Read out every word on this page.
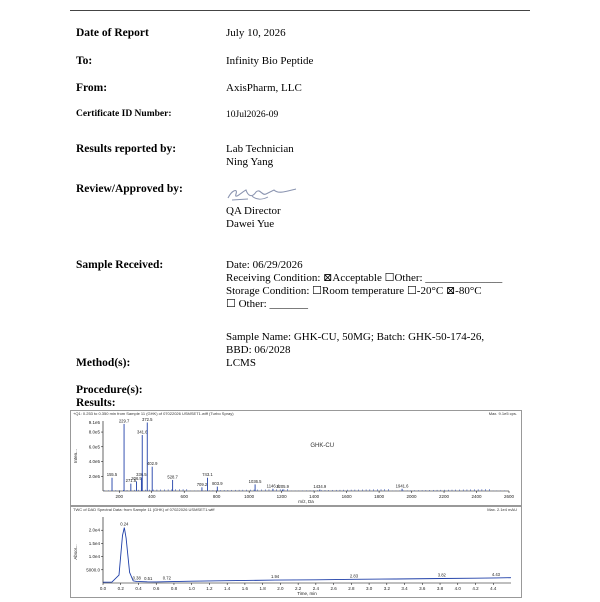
Date of Report	July 10, 2026
To:	Infinity Bio Peptide
From:	AxisPharm, LLC
Certificate ID Number:	10Jul2026-09
Results reported by:	Lab Technician
Ning Yang
Review/Approved by:
QA Director
Dawei Yue
Sample Received:	Date: 06/29/2026
Receiving Condition: ⊠Acceptable ☐Other: ______________
Storage Condition: ☐Room temperature ☐-20°C ⊠-80°C
☐ Other: _______
Sample Name: GHK-CU, 50MG; Batch: GHK-50-174-26,
BBD: 06/2028
Method(s):	LCMS
Procedure(s):
Results:
+Q1: 0.253 to 0.350 min from Sample 11 (GHK) of 07022026 USMSET1.wiff (Turbo Spray)	Max. 9.1e5 cps.
200	400	600	800	1000	1200	1400	1600	1800	2000	2200	2400	2600
2.0e5
4.0e5
6.0e5
8.0e5
9.1e5
m/z, Da
Inten...
GHK-CU
155.5
229.7
271.5
306.5
336.5
341.6
372.5
402.9
528.7
709.2
743.1
803.9	1036.5
1146.4
1205.9	1434.9	1941.6
TWC of DAD Spectral Data: from Sample 11 (GHK) of 07022026 USMSET1.wiff	Max. 2.1e4 mAU
0.0	0.2	0.4	0.6	0.8	1.0	1.2	1.4	1.6	1.8	2.0	2.2	2.4	2.6	2.8	3.0	3.2	3.4	3.6	3.8	4.0	4.2	4.4
5000.0
1.0e4
1.5e4
2.0e4
Time, min
Absor...
0.24
0.38 0.51 0.72	1.94	2.83	3.82	4.43
